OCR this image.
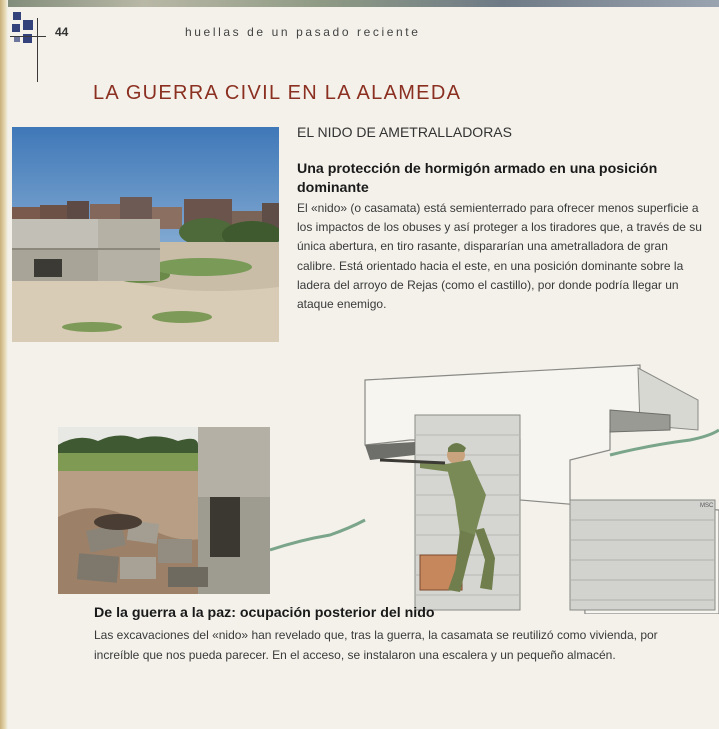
44	huellas de un pasado reciente
LA GUERRA CIVIL EN LA ALAMEDA
EL NIDO DE AMETRALLADORAS
Una protección de hormigón armado en una posición dominante
El «nido» (o casamata) está semienterrado para ofrecer menos superficie a los impactos de los obuses y así proteger a los tiradores que, a través de su única abertura, en tiro rasante, dispararían una ametralladora de gran calibre. Está orientado hacia el este, en una posición dominante sobre la ladera del arroyo de Rejas (como el castillo), por donde podría llegar un ataque enemigo.
MSC
De la guerra a la paz: ocupación posterior del nido
Las excavaciones del «nido» han revelado que, tras la guerra, la casamata se reutilizó como vivienda, por increíble que nos pueda parecer. En el acceso, se instalaron una escalera y un pequeño almacén.
